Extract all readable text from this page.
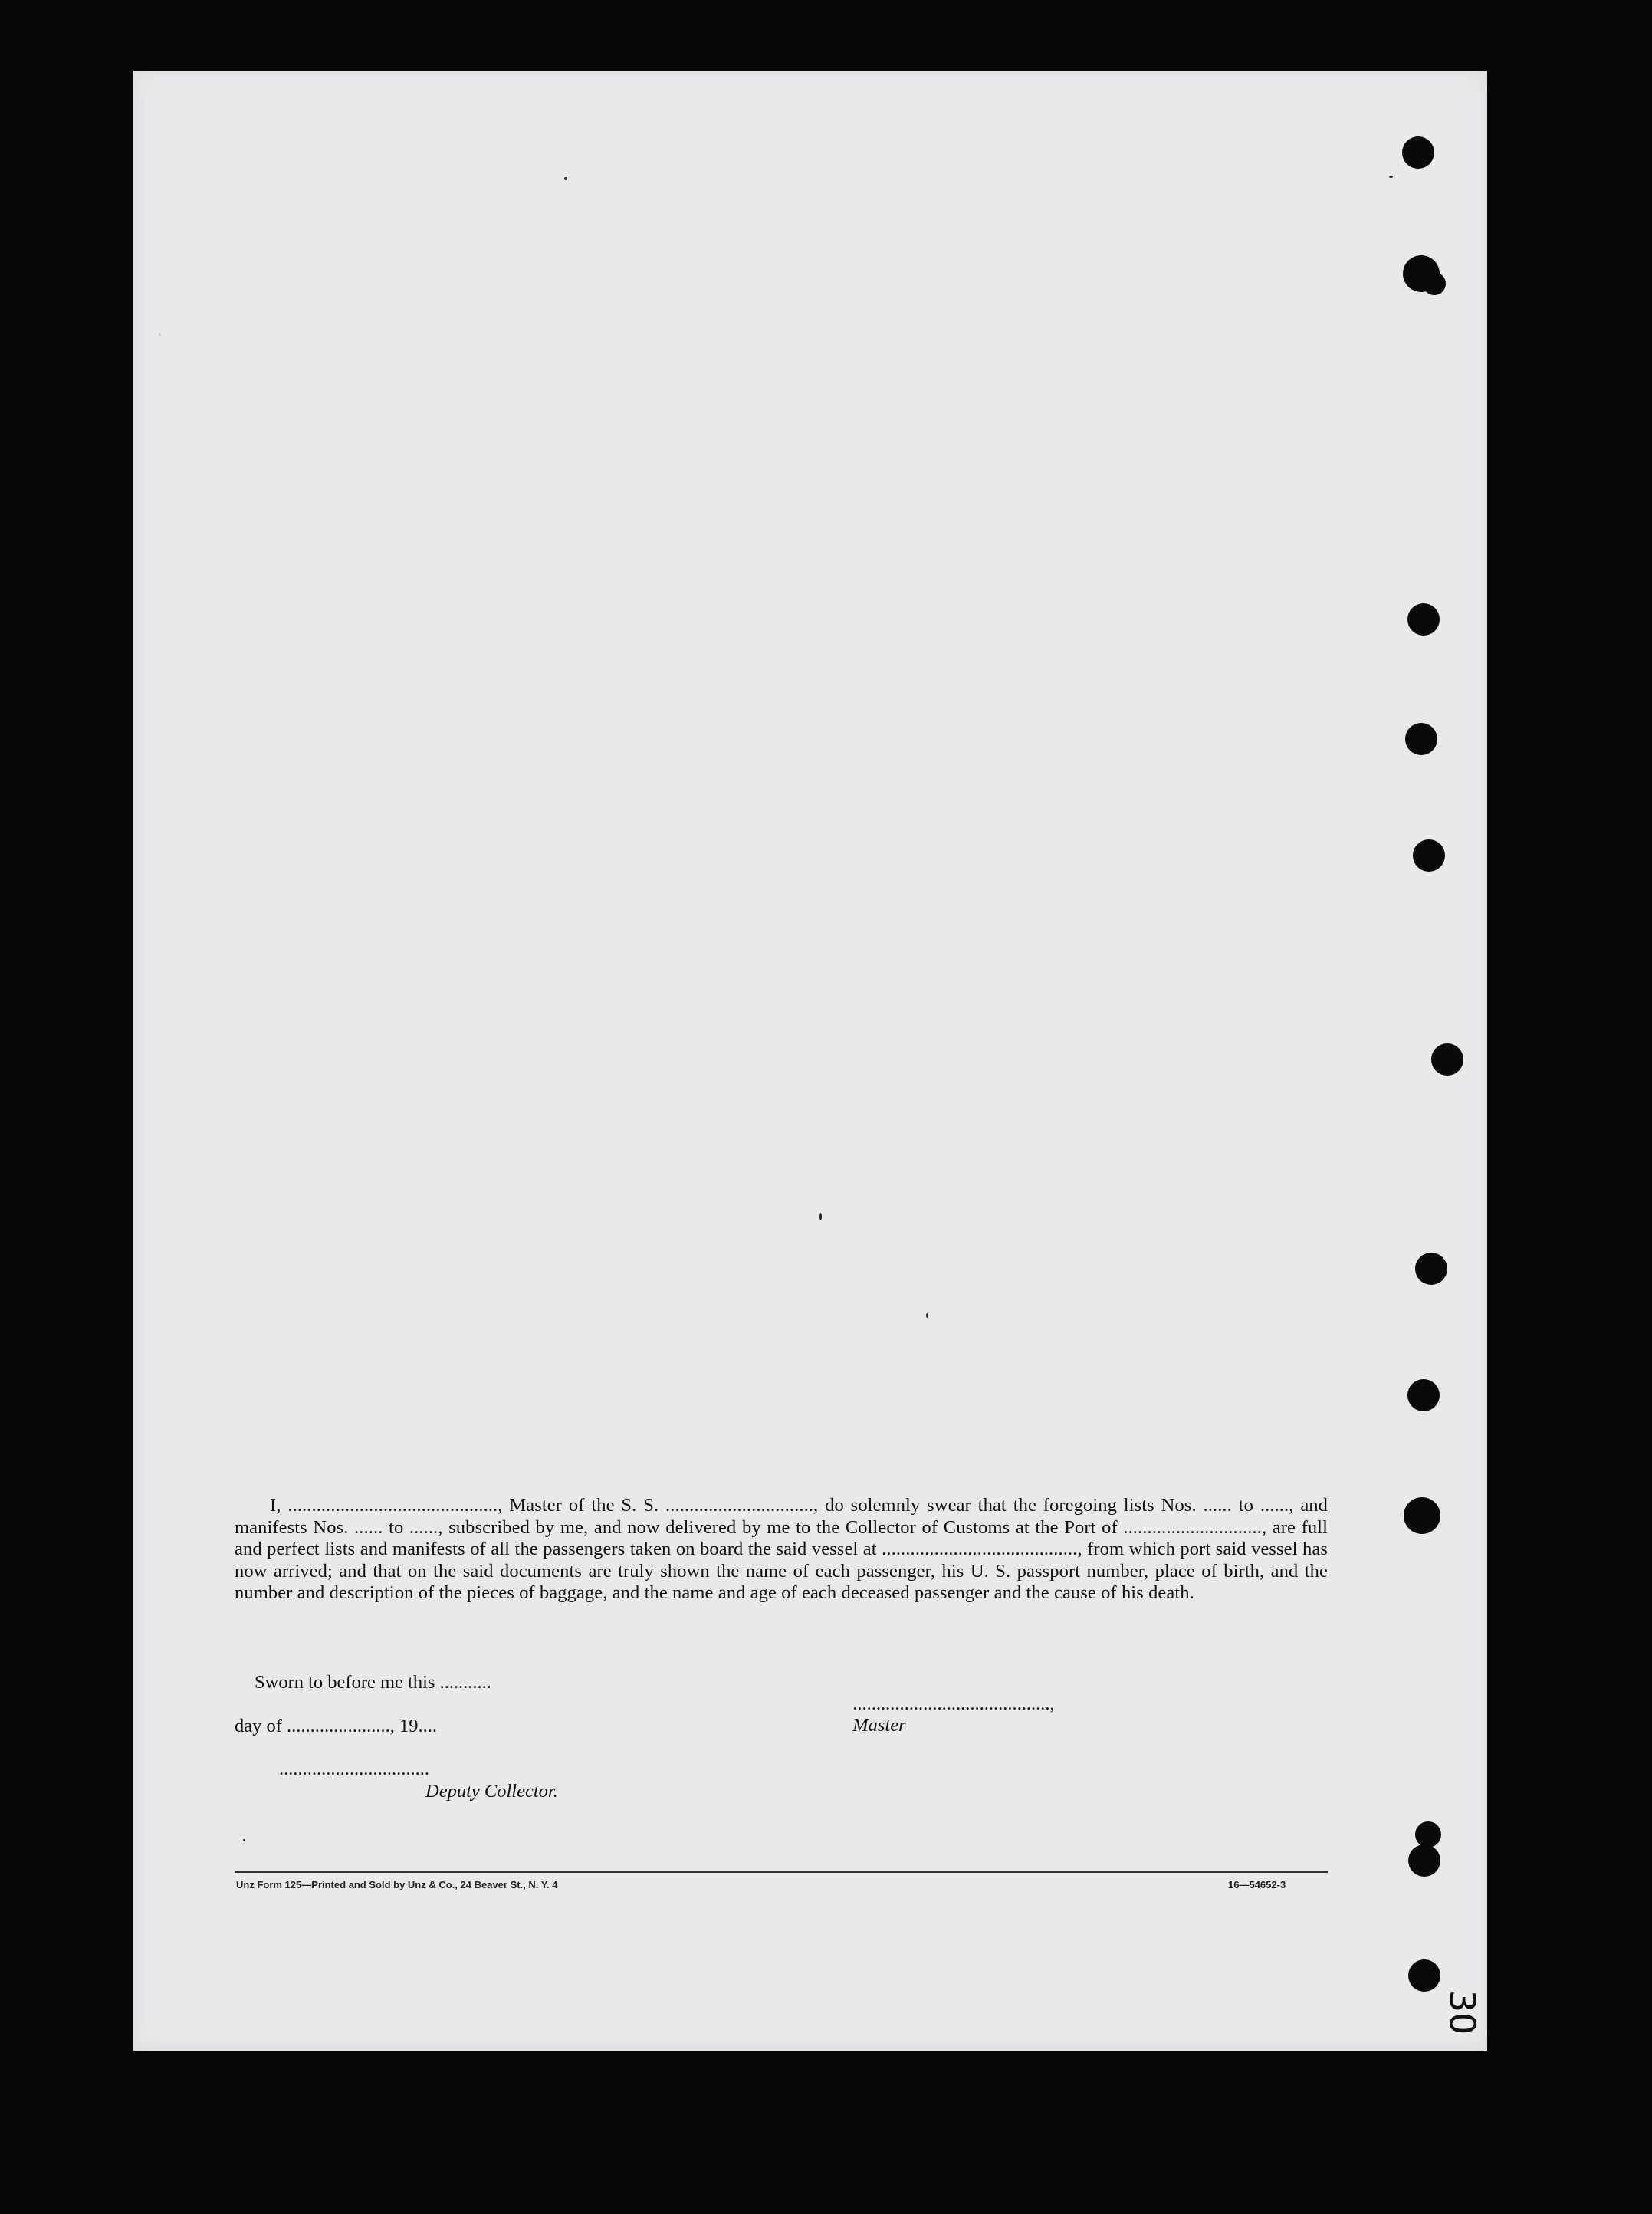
·
I, ............................................, Master of the S. S. ..............................., do solemnly swear that the foregoing lists Nos. ...... to ......, and manifests Nos. ...... to ......, subscribed by me, and now delivered by me to the Collector of Customs at the Port of ............................., are full and perfect lists and manifests of all the passengers taken on board the said vessel at ........................................., from which port said vessel has now arrived; and that on the said documents are truly shown the name of each passenger, his U. S. passport number, place of birth, and the number and description of the pieces of baggage, and the name and age of each deceased passenger and the cause of his death.
Sworn to before me this ...........

..........................................,
Master

day of ......................, 19....
................................
Deputy Collector.
Unz Form 125—Printed and Sold by Unz & Co., 24 Beaver St., N. Y. 4	16—54652-3
30
